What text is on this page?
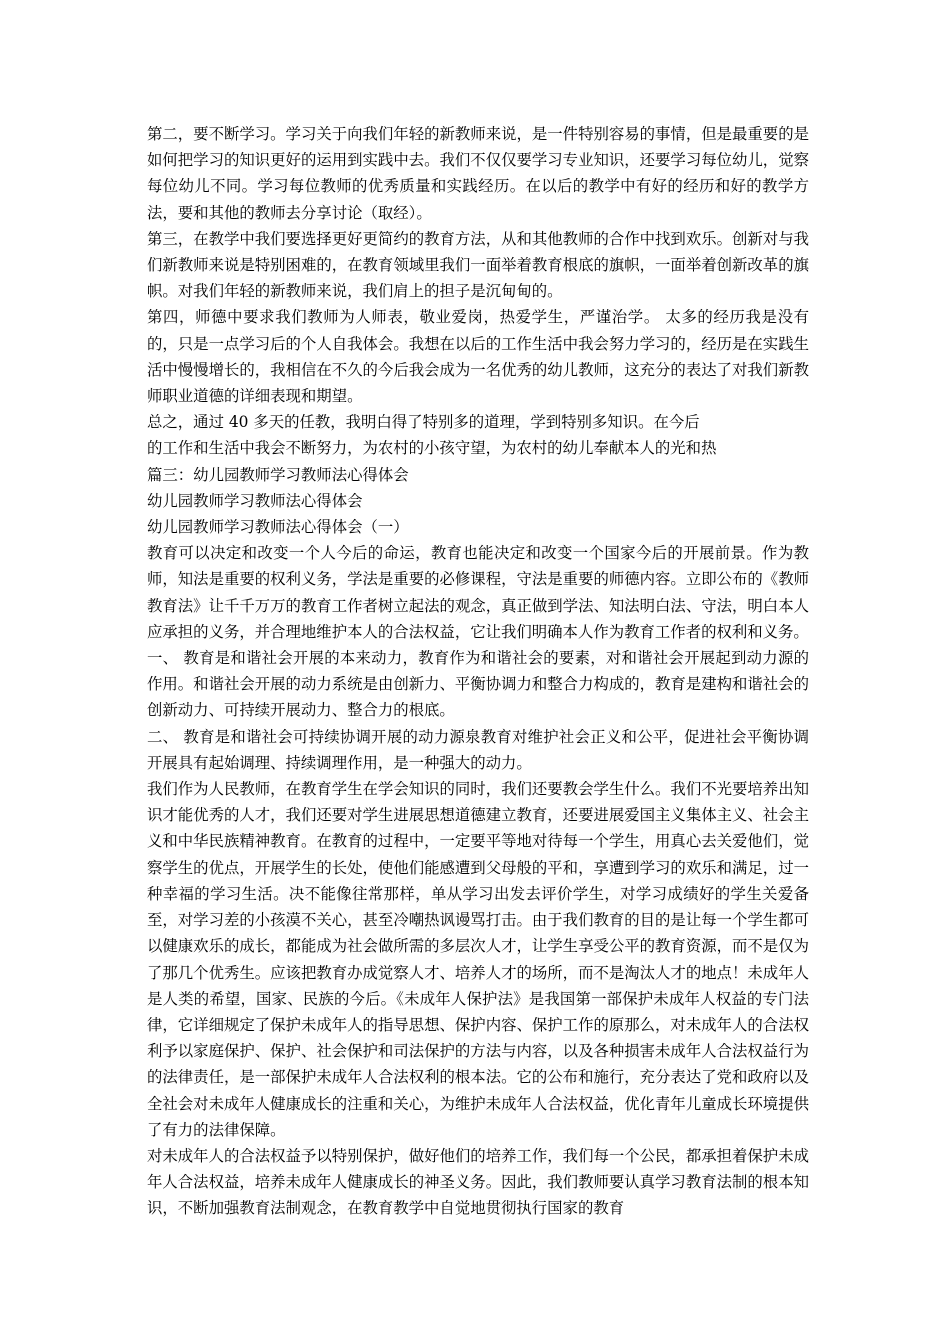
第二，要不断学习。学习关于向我们年轻的新教师来说，是一件特别容易的事情，但是最重要的是如何把学习的知识更好的运用到实践中去。我们不仅仅要学习专业知识，还要学习每位幼儿，觉察每位幼儿不同。学习每位教师的优秀质量和实践经历。在以后的教学中有好的经历和好的教学方法，要和其他的教师去分享讨论（取经）。

第三，在教学中我们要选择更好更简约的教育方法，从和其他教师的合作中找到欢乐。创新对与我们新教师来说是特别困难的，在教育领域里我们一面举着教育根底的旗帜，一面举着创新改革的旗帜。对我们年轻的新教师来说，我们肩上的担子是沉甸甸的。

第四，师德中要求我们教师为人师表，敬业爱岗，热爱学生，严谨治学。 太多的经历我是没有的，只是一点学习后的个人自我体会。我想在以后的工作生活中我会努力学习的，经历是在实践生活中慢慢增长的，我相信在不久的今后我会成为一名优秀的幼儿教师，这充分的表达了对我们新教师职业道德的详细表现和期望。

总之，通过 40 多天的任教，我明白得了特别多的道理，学到特别多知识。在今后

的工作和生活中我会不断努力，为农村的小孩守望，为农村的幼儿奉献本人的光和热

篇三：幼儿园教师学习教师法心得体会

幼儿园教师学习教师法心得体会

幼儿园教师学习教师法心得体会（一）

教育可以决定和改变一个人今后的命运，教育也能决定和改变一个国家今后的开展前景。作为教师，知法是重要的权利义务，学法是重要的必修课程，守法是重要的师德内容。立即公布的《教师教育法》让千千万万的教育工作者树立起法的观念，真正做到学法、知法明白法、守法，明白本人应承担的义务，并合理地维护本人的合法权益，它让我们明确本人作为教育工作者的权利和义务。

一、 教育是和谐社会开展的本来动力，教育作为和谐社会的要素，对和谐社会开展起到动力源的作用。和谐社会开展的动力系统是由创新力、平衡协调力和整合力构成的，教育是建构和谐社会的创新动力、可持续开展动力、整合力的根底。

二、 教育是和谐社会可持续协调开展的动力源泉教育对维护社会正义和公平，促进社会平衡协调开展具有起始调理、持续调理作用，是一种强大的动力。

我们作为人民教师，在教育学生在学会知识的同时，我们还要教会学生什么。我们不光要培养出知识才能优秀的人才，我们还要对学生进展思想道德建立教育，还要进展爱国主义集体主义、社会主义和中华民族精神教育。在教育的过程中，一定要平等地对待每一个学生，用真心去关爱他们，觉察学生的优点，开展学生的长处，使他们能感遭到父母般的平和，享遭到学习的欢乐和满足，过一种幸福的学习生活。决不能像往常那样，单从学习出发去评价学生，对学习成绩好的学生关爱备至，对学习差的小孩漠不关心，甚至冷嘲热讽谩骂打击。由于我们教育的目的是让每一个学生都可以健康欢乐的成长，都能成为社会做所需的多层次人才，让学生享受公平的教育资源，而不是仅为了那几个优秀生。应该把教育办成觉察人才、培养人才的场所，而不是淘汰人才的地点！未成年人是人类的希望，国家、民族的今后。《未成年人保护法》是我国第一部保护未成年人权益的专门法律，它详细规定了保护未成年人的指导思想、保护内容、保护工作的原那么，对未成年人的合法权利予以家庭保护、保护、社会保护和司法保护的方法与内容，以及各种损害未成年人合法权益行为的法律责任，是一部保护未成年人合法权利的根本法。它的公布和施行，充分表达了党和政府以及全社会对未成年人健康成长的注重和关心，为维护未成年人合法权益，优化青年儿童成长环境提供了有力的法律保障。

对未成年人的合法权益予以特别保护，做好他们的培养工作，我们每一个公民，都承担着保护未成年人合法权益，培养未成年人健康成长的神圣义务。因此，我们教师要认真学习教育法制的根本知识，不断加强教育法制观念，在教育教学中自觉地贯彻执行国家的教育
